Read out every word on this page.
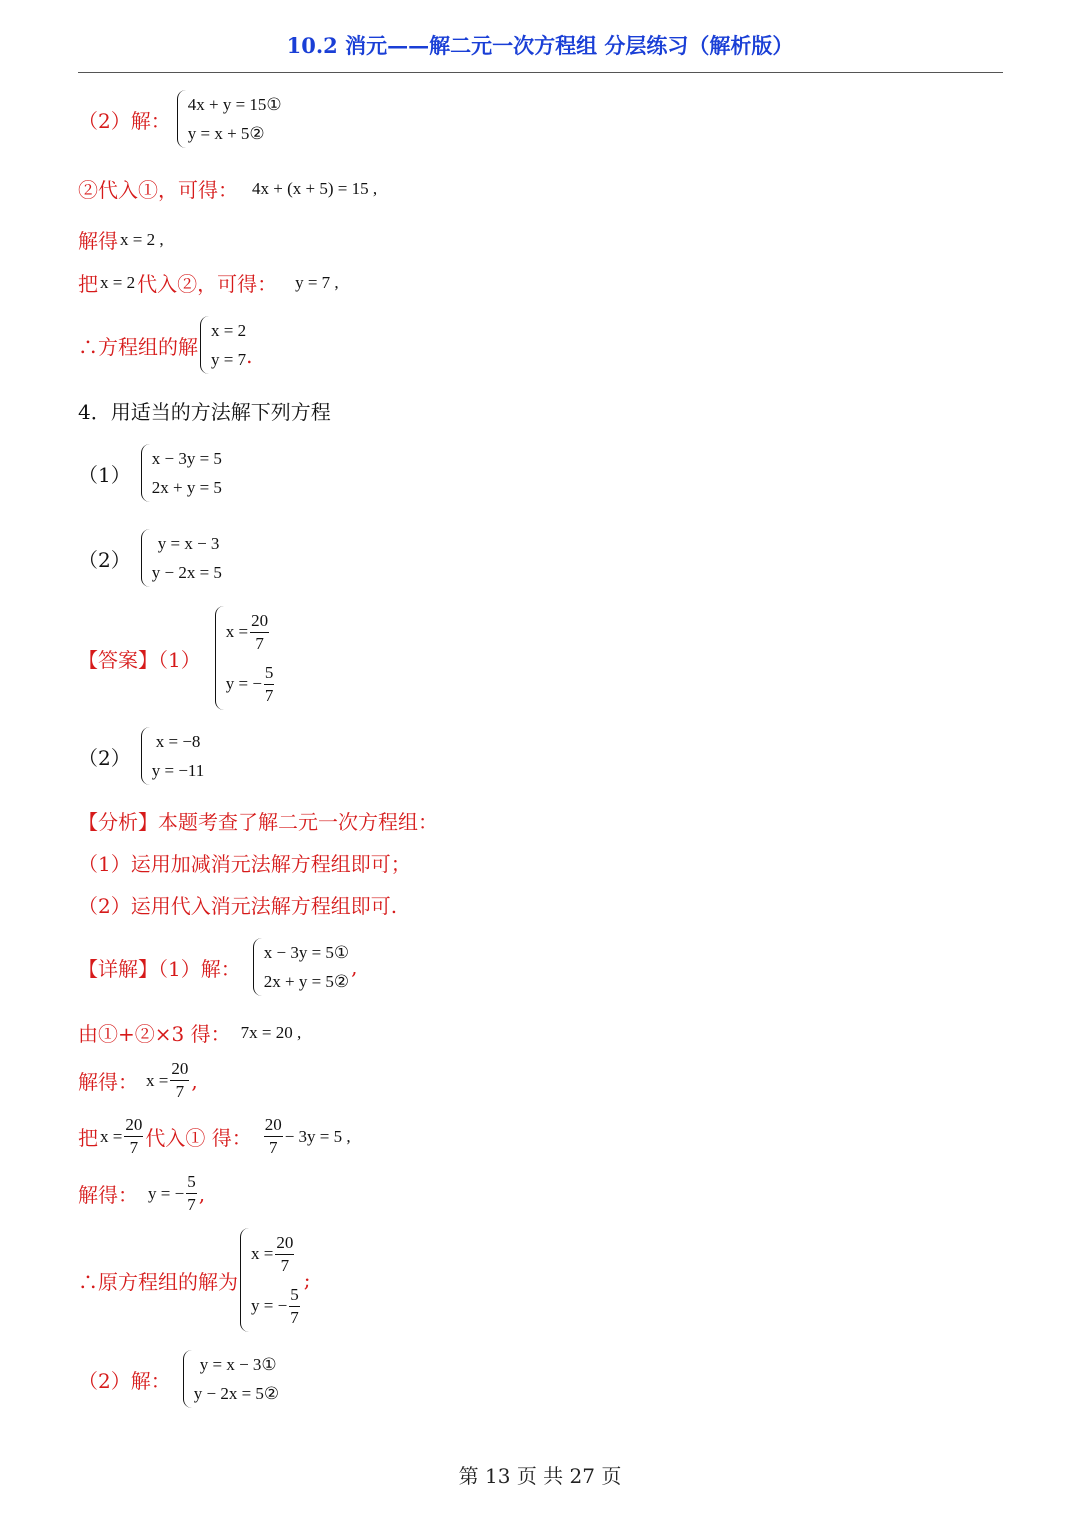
10.2 消元——解二元一次方程组 分层练习（解析版）
（2）解：
4x + y = 15①
y = x + 5②
②代入①，可得： 4x + (x + 5) = 15 ,
解得 x = 2 ,
把 x = 2 代入②，可得： y = 7 ,
∴方程组的解
x = 2
y = 7 .
4．用适当的方法解下列方程
（1）
x − 3y = 5
2x + y = 5
（2）
y = x − 3
y − 2x = 5
【答案】（1）
$x = \frac{20}{7}$
y = − $\frac{5}{7}$
（2）
x = −8
y = −11
【分析】本题考查了解二元一次方程组：
（1）运用加减消元法解方程组即可；
（2）运用代入消元法解方程组即可.
【详解】（1）解：
x − 3y = 5①
2x + y = 5②
,
由①+②×3 得： 7x = 20 ,
解得： $x = \frac{20}{7}$ ,
把 $x = \frac{20}{7}$ 代入① 得： $\frac{20}{7} - 3y = 5$ ,
解得： y = − $\frac{5}{7}$ ,
∴原方程组的解为
$x = \frac{20}{7}$
y = − $\frac{5}{7}$
;
（2）解：
y = x − 3①
y − 2x = 5②
第 13 页 共 27 页
